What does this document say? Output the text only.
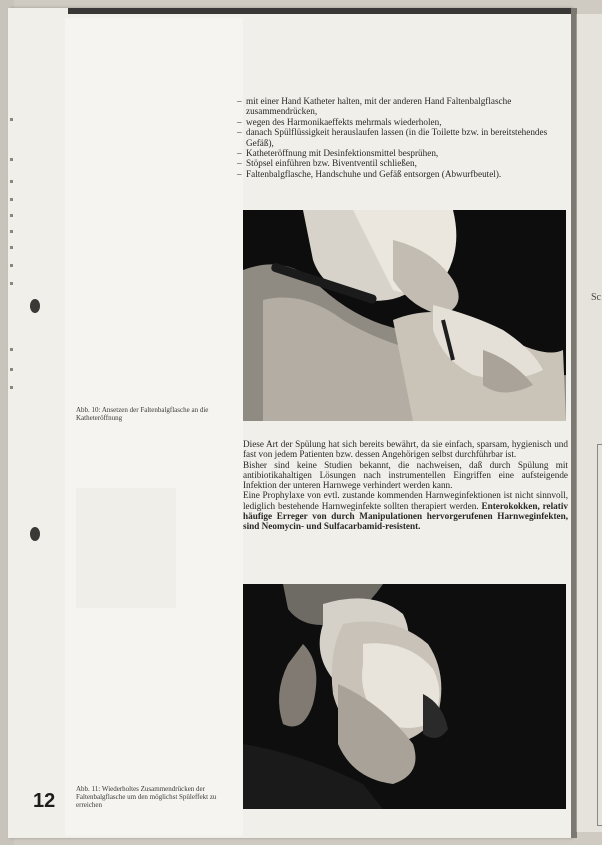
– mit einer Hand Katheter halten, mit der anderen Hand Faltenbalgflasche zusammendrücken,
– wegen des Harmonikaeffekts mehrmals wiederholen,
– danach Spülflüssigkeit herauslaufen lassen (in die Toilette bzw. in bereitstehendes Gefäß),
– Katheteröffnung mit Desinfektionsmittel besprühen,
– Stöpsel einführen bzw. Biventventil schließen,
– Faltenbalgflasche, Handschuhe und Gefäß entsorgen (Abwurfbeutel).
Abb. 10: Ansetzen der Faltenbalgflasche an die Katheteröffnung

Diese Art der Spülung hat sich bereits bewährt, da sie einfach, sparsam, hygienisch und fast von jedem Patienten bzw. dessen Angehörigen selbst durchführbar ist.

Bisher sind keine Studien bekannt, die nachweisen, daß durch Spülung mit antibiotikahaltigen Lösungen nach instrumentellen Eingriffen eine aufsteigende Infektion der unteren Harnwege verhindert werden kann.

Eine Prophylaxe von evtl. zustande kommenden Harnweginfektionen ist nicht sinnvoll, lediglich bestehende Harnweginfekte sollten therapiert werden. Enterokokken, relativ häufige Erreger von durch Manipulationen hervorgerufenen Harnweginfekten, sind Neomycin- und Sulfacarbamid-resistent.

Abb. 11: Wiederholtes Zusammendrücken der Faltenbalgflasche um den möglichst Spüleffekt zu erreichen
12
Sc
